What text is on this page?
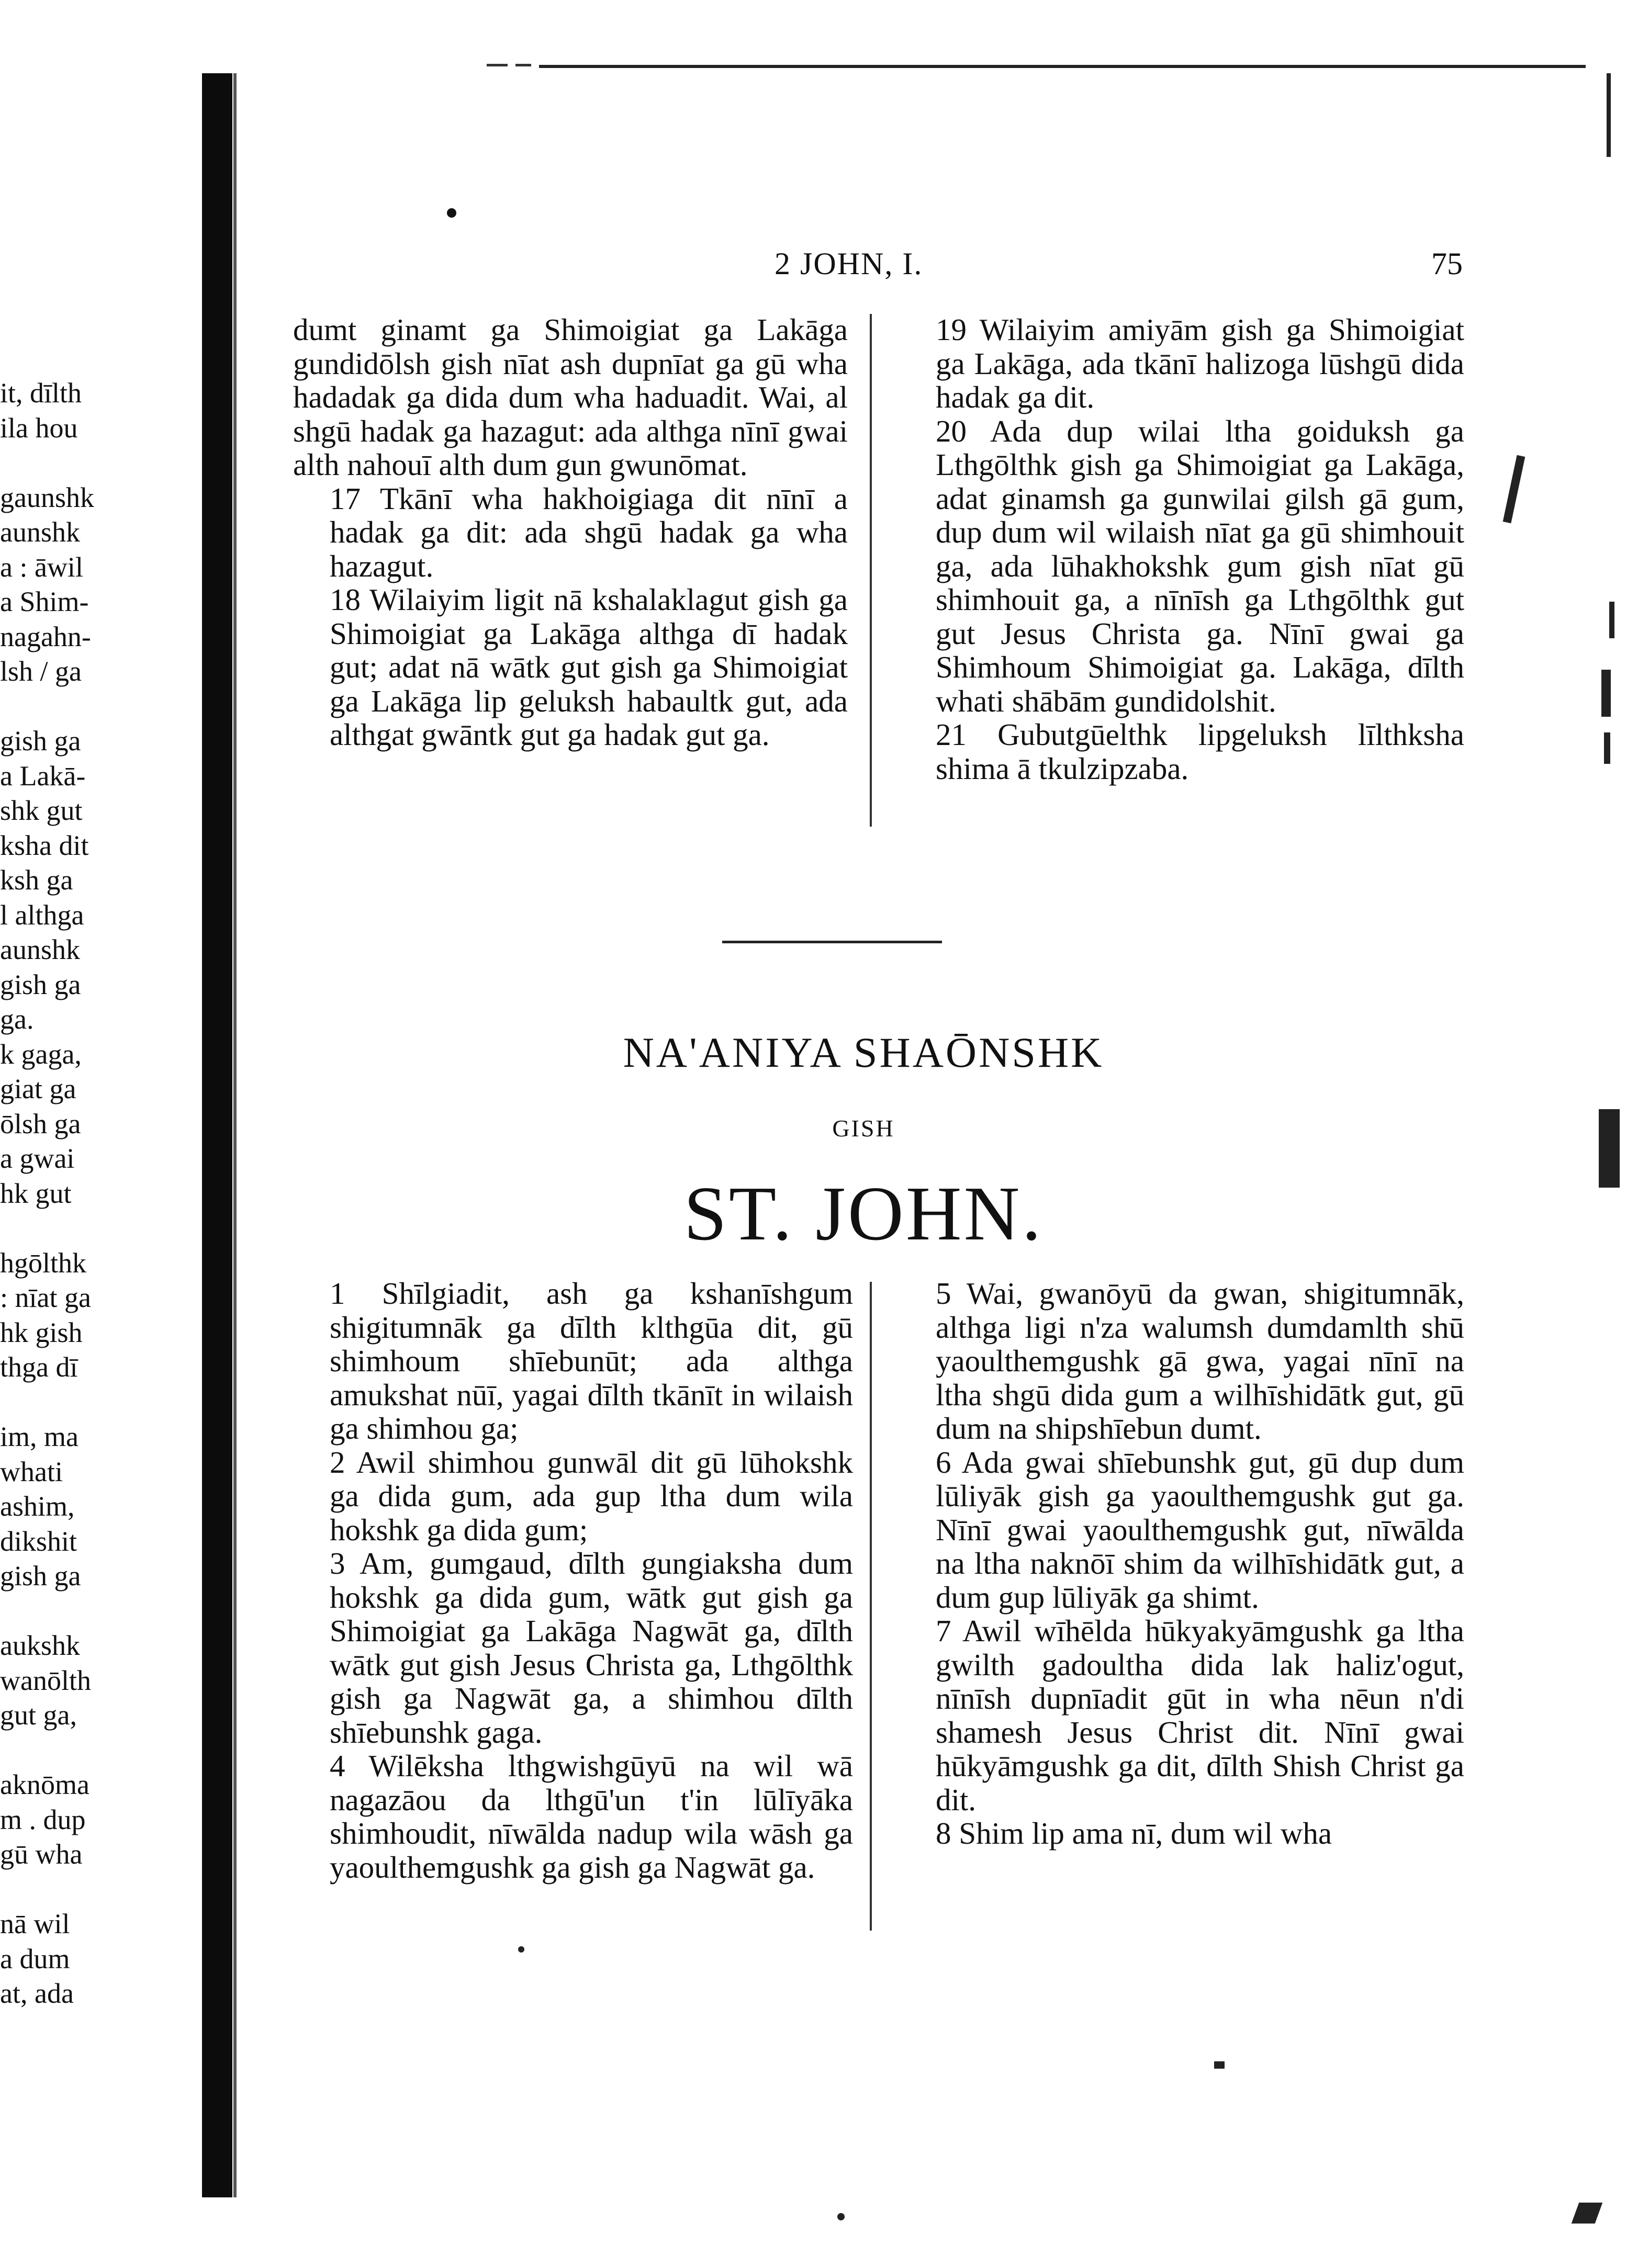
it, dīlth
ila hou

gaunshk
aunshk
a : āwil
a Shim-
nagahn-
lsh / ga

gish ga
a Lakā-
shk gut
ksha dit
ksh ga
l althga
aunshk
gish ga
ga.
k gaga,
giat ga
ōlsh ga
a gwai
hk gut

hgōlthk
: nīat ga
hk gish
thga dī

im, ma
whati
ashim,
dikshit
gish ga

aukshk
wanōlth
gut ga,

aknōma
m . dup
gū wha

nā wil
a dum
at, ada

2 JOHN, I.	75

dumt ginamt ga Shimoigiat ga Lakāga gundidōlsh gish nīat ash dupnīat ga gū wha hadadak ga dida dum wha haduadit. Wai, al shgū hadak ga hazagut: ada althga nīnī gwai alth nahouī alth dum gun gwunōmat.

17 Tkānī wha hakhoigiaga dit nīnī a hadak ga dit: ada shgū hadak ga wha hazagut.

18 Wilaiyim ligit nā kshalaklagut gish ga Shimoigiat ga Lakāga althga dī hadak gut; adat nā wātk gut gish ga Shimoigiat ga Lakāga lip geluksh habaultk gut, ada althgat gwāntk gut ga hadak gut ga.

19 Wilaiyim amiyām gish ga Shimoigiat ga Lakāga, ada tkānī halizoga lūshgū dida hadak ga dit.

20 Ada dup wilai ltha goiduksh ga Lthgōlthk gish ga Shimoigiat ga Lakāga, adat ginamsh ga gunwilai gilsh gā gum, dup dum wil wilaish nīat ga gū shimhouit ga, ada lūhakhokshk gum gish nīat gū shimhouit ga, a nīnīsh ga Lthgōlthk gut gut Jesus Christa ga. Nīnī gwai ga Shimhoum Shimoigiat ga. Lakāga, dīlth whati shābām gundidolshit.

21 Gubutgūelthk lipgeluksh līlthksha shima ā tkulzipzaba.

NA'ANIYA SHAŌNSHK
GISH
ST. JOHN.

1 Shīlgiadit, ash ga kshanīshgum shigitumnāk ga dīlth klthgūa dit, gū shimhoum shīebunūt; ada althga amukshat nūī, yagai dīlth tkānīt in wilaish ga shimhou ga;

2 Awil shimhou gunwāl dit gū lūhokshk ga dida gum, ada gup ltha dum wila hokshk ga dida gum;

3 Am, gumgaud, dīlth gungiaksha dum hokshk ga dida gum, wātk gut gish ga Shimoigiat ga Lakāga Nagwāt ga, dīlth wātk gut gish Jesus Christa ga, Lthgōlthk gish ga Nagwāt ga, a shimhou dīlth shīebunshk gaga.

4 Wilēksha lthgwishgūyū na wil wā nagazāou da lthgū'un t'in lūlīyāka shimhoudit, nīwālda nadup wila wāsh ga yaoulthemgushk ga gish ga Nagwāt ga.

5 Wai, gwanōyū da gwan, shigitumnāk, althga ligi n'za walumsh dumdamlth shū yaoulthemgushk gā gwa, yagai nīnī na ltha shgū dida gum a wilhīshidātk gut, gū dum na shipshīebun dumt.

6 Ada gwai shīebunshk gut, gū dup dum lūliyāk gish ga yaoulthemgushk gut ga. Nīnī gwai yaoulthemgushk gut, nīwālda na ltha naknōī shim da wilhīshidātk gut, a dum gup lūliyāk ga shimt.

7 Awil wīhēlda hūkyakyāmgushk ga ltha gwilth gadoultha dida lak haliz'ogut, nīnīsh dupnīadit gūt in wha nēun n'di shamesh Jesus Christ dit. Nīnī gwai hūkyāmgushk ga dit, dīlth Shish Christ ga dit.

8 Shim lip ama nī, dum wil wha
